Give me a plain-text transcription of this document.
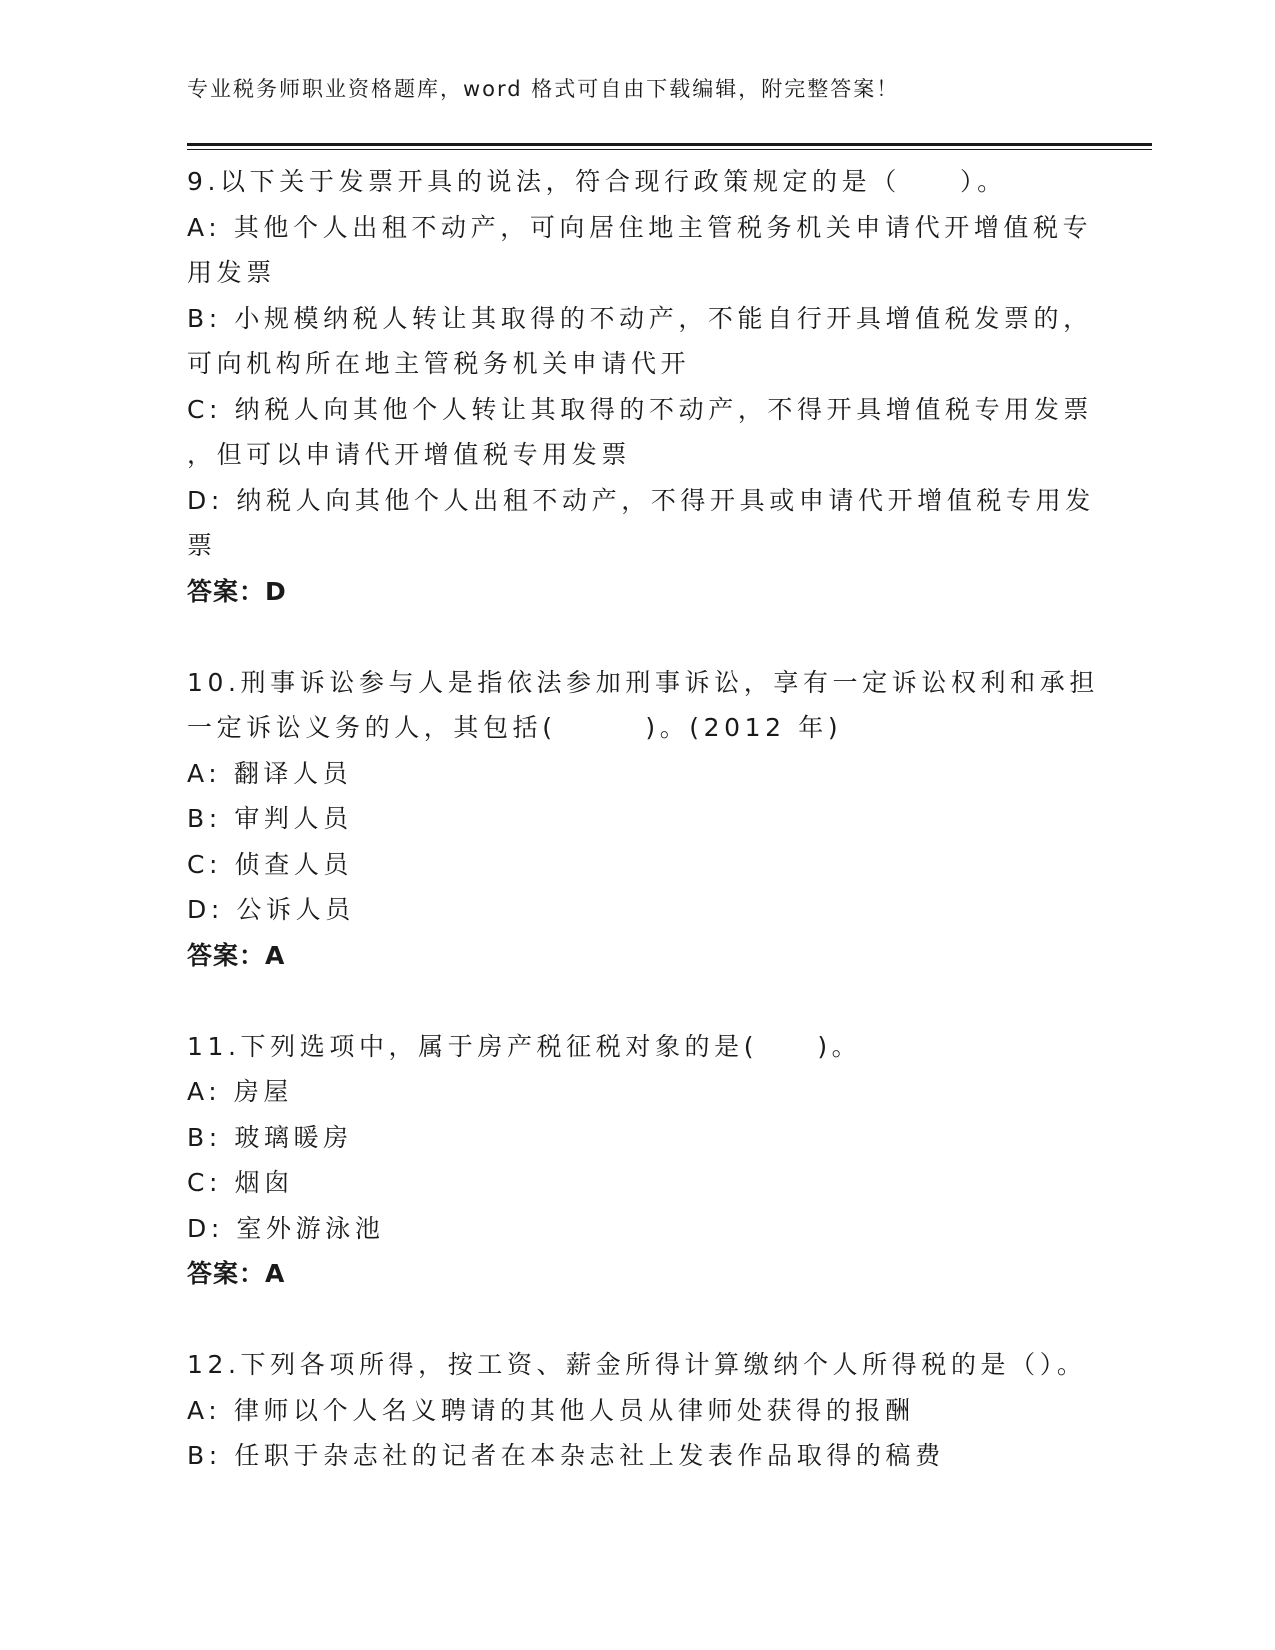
专业税务师职业资格题库，word 格式可自由下载编辑，附完整答案！
9.以下关于发票开具的说法，符合现行政策规定的是（　　）。
A: 其他个人出租不动产，可向居住地主管税务机关申请代开增值税专
用发票
B: 小规模纳税人转让其取得的不动产，不能自行开具增值税发票的，
可向机构所在地主管税务机关申请代开
C: 纳税人向其他个人转让其取得的不动产，不得开具增值税专用发票
，但可以申请代开增值税专用发票
D: 纳税人向其他个人出租不动产，不得开具或申请代开增值税专用发
票
答案：D
10.刑事诉讼参与人是指依法参加刑事诉讼，享有一定诉讼权利和承担
一定诉讼义务的人，其包括(　　　)。(2012 年)
A: 翻译人员
B: 审判人员
C: 侦查人员
D: 公诉人员
答案：A
11.下列选项中，属于房产税征税对象的是(　　)。
A: 房屋
B: 玻璃暖房
C: 烟囱
D: 室外游泳池
答案：A
12.下列各项所得，按工资、薪金所得计算缴纳个人所得税的是（）。
A: 律师以个人名义聘请的其他人员从律师处获得的报酬
B: 任职于杂志社的记者在本杂志社上发表作品取得的稿费
